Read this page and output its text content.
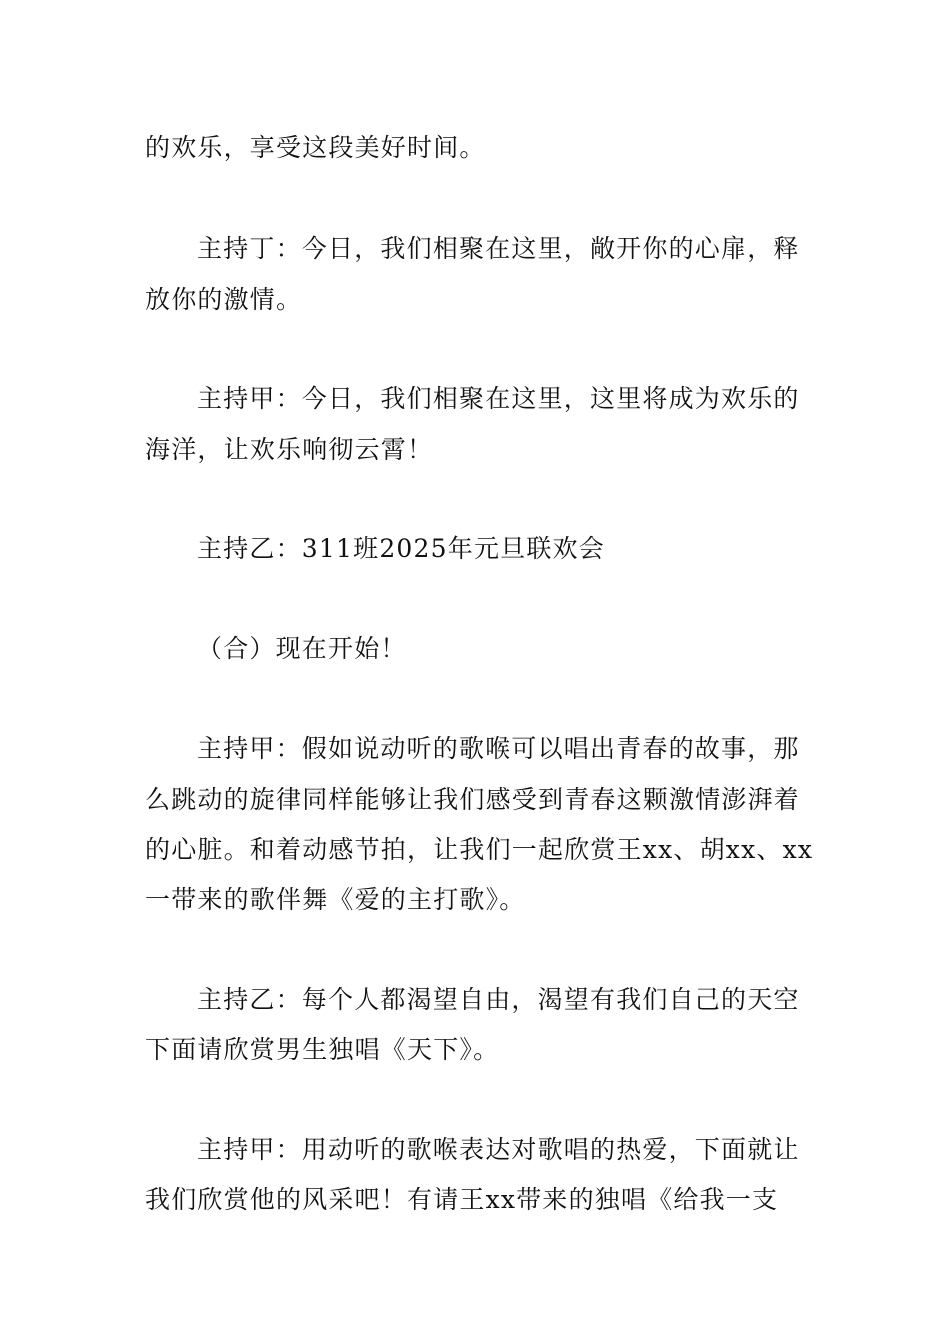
的欢乐，享受这段美好时间。
主持丁：今日，我们相聚在这里，敞开你的心扉，释
放你的激情。
主持甲：今日，我们相聚在这里，这里将成为欢乐的
海洋，让欢乐响彻云霄！
主持乙：311班2025年元旦联欢会
（合）现在开始！
主持甲：假如说动听的歌喉可以唱出青春的故事，那
么跳动的旋律同样能够让我们感受到青春这颗激情澎湃着
的心脏。和着动感节拍，让我们一起欣赏王xx、胡xx、xx
一带来的歌伴舞《爱的主打歌》。
主持乙：每个人都渴望自由，渴望有我们自己的天空
下面请欣赏男生独唱《天下》。
主持甲：用动听的歌喉表达对歌唱的热爱，下面就让
我们欣赏他的风采吧！有请王xx带来的独唱《给我一支
